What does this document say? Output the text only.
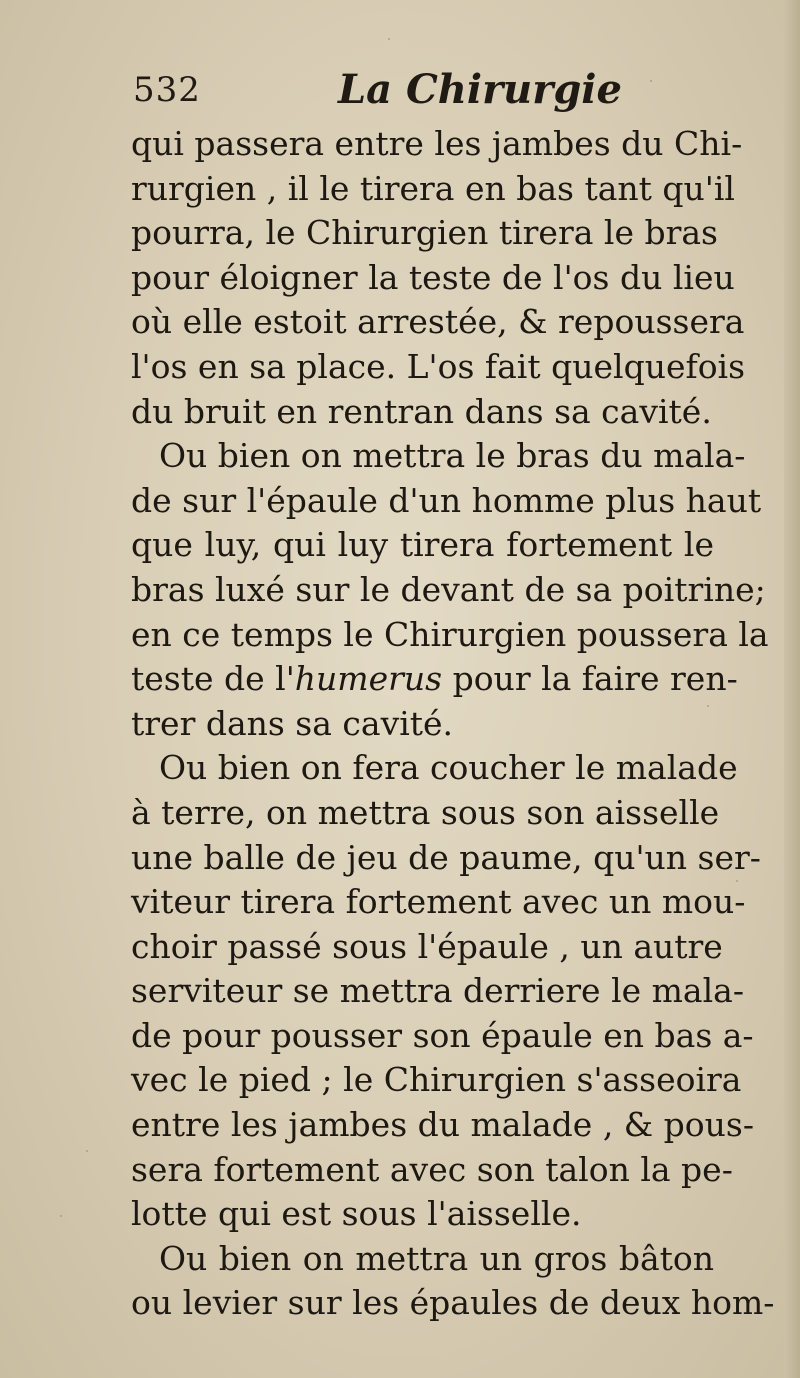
532	La Chirurgie
qui passera entre les jambes du Chi-
rurgien , il le tirera en bas tant qu'il
pourra, le Chirurgien tirera le bras
pour éloigner la teste de l'os du lieu
où elle estoit arrestée, & repoussera
l'os en sa place. L'os fait quelquefois
du bruit en rentran dans sa cavité.
Ou bien on mettra le bras du mala-
de sur l'épaule d'un homme plus haut
que luy, qui luy tirera fortement le
bras luxé sur le devant de sa poitrine;
en ce temps le Chirurgien poussera la
teste de l'humerus pour la faire ren-
trer dans sa cavité.
Ou bien on fera coucher le malade
à terre, on mettra sous son aisselle
une balle de jeu de paume, qu'un ser-
viteur tirera fortement avec un mou-
choir passé sous l'épaule , un autre
serviteur se mettra derriere le mala-
de pour pousser son épaule en bas a-
vec le pied ; le Chirurgien s'asseoira
entre les jambes du malade , & pous-
sera fortement avec son talon la pe-
lotte qui est sous l'aisselle.
Ou bien on mettra un gros bâton
ou levier sur les épaules de deux hom-
